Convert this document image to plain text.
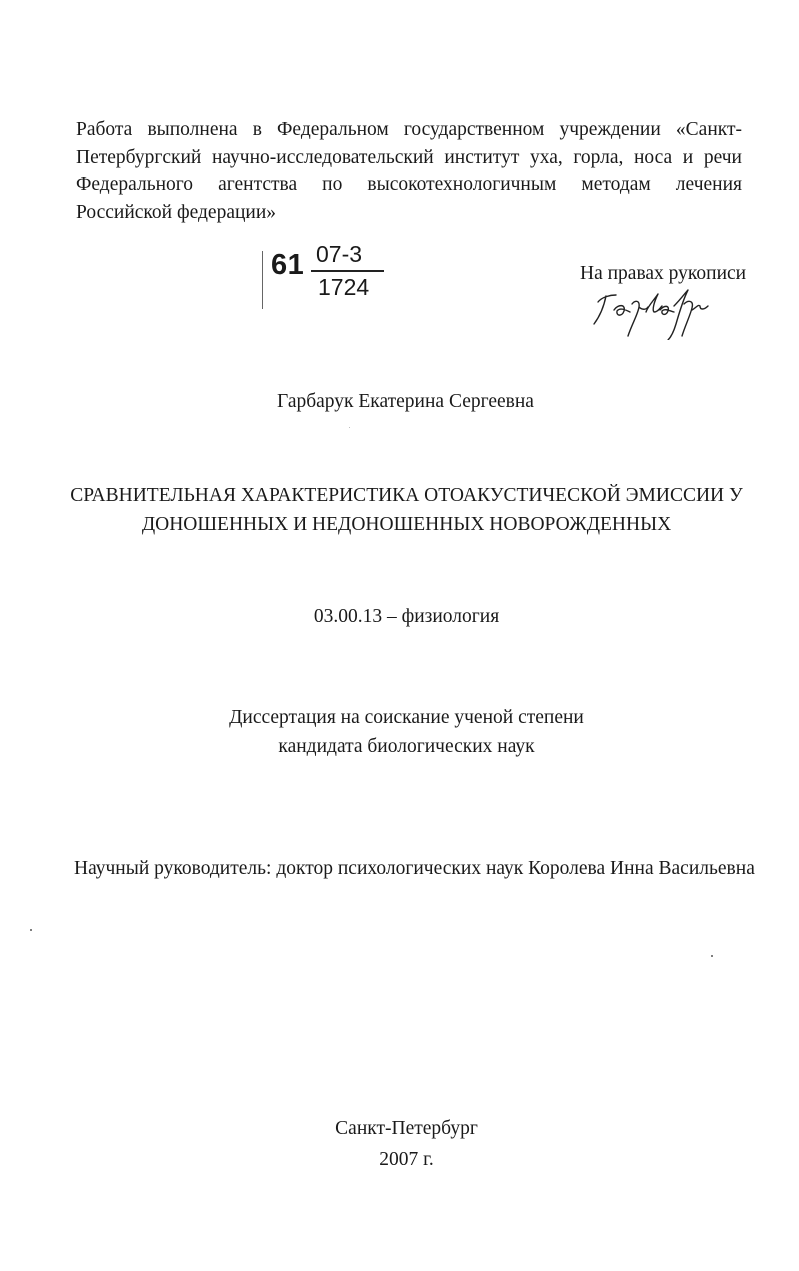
Работа выполнена в Федеральном государственном учреждении «Санкт-Петербургский научно-исследовательский институт уха, горла, носа и речи Федерального агентства по высокотехнологичным методам лечения Российской федерации»

61 07-3
1724
На правах рукописи
Гарбарук Екатерина Сергеевна
СРАВНИТЕЛЬНАЯ ХАРАКТЕРИСТИКА ОТОАКУСТИЧЕСКОЙ ЭМИССИИ У
ДОНОШЕННЫХ И НЕДОНОШЕННЫХ НОВОРОЖДЕННЫХ
03.00.13 – физиология
Диссертация на соискание ученой степени
кандидата биологических наук
Научный руководитель: доктор психологических наук Королева Инна Васильевна
Санкт-Петербург
2007 г.
